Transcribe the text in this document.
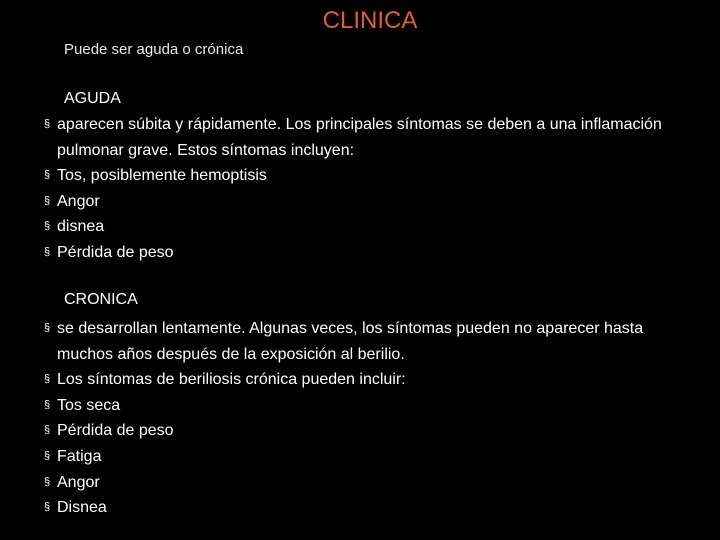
CLINICA
Puede ser aguda o crónica
AGUDA
§ aparecen súbita y rápidamente. Los principales síntomas se deben a una inflamación pulmonar grave. Estos síntomas incluyen:
§ Tos, posiblemente hemoptisis
§ Angor
§ disnea
§ Pérdida de peso
CRONICA
§ se desarrollan lentamente. Algunas veces, los síntomas pueden no aparecer hasta muchos años después de la exposición al berilio.
§ Los síntomas de beriliosis crónica pueden incluir:
§ Tos seca
§ Pérdida de peso
§ Fatiga
§ Angor
§ Disnea
